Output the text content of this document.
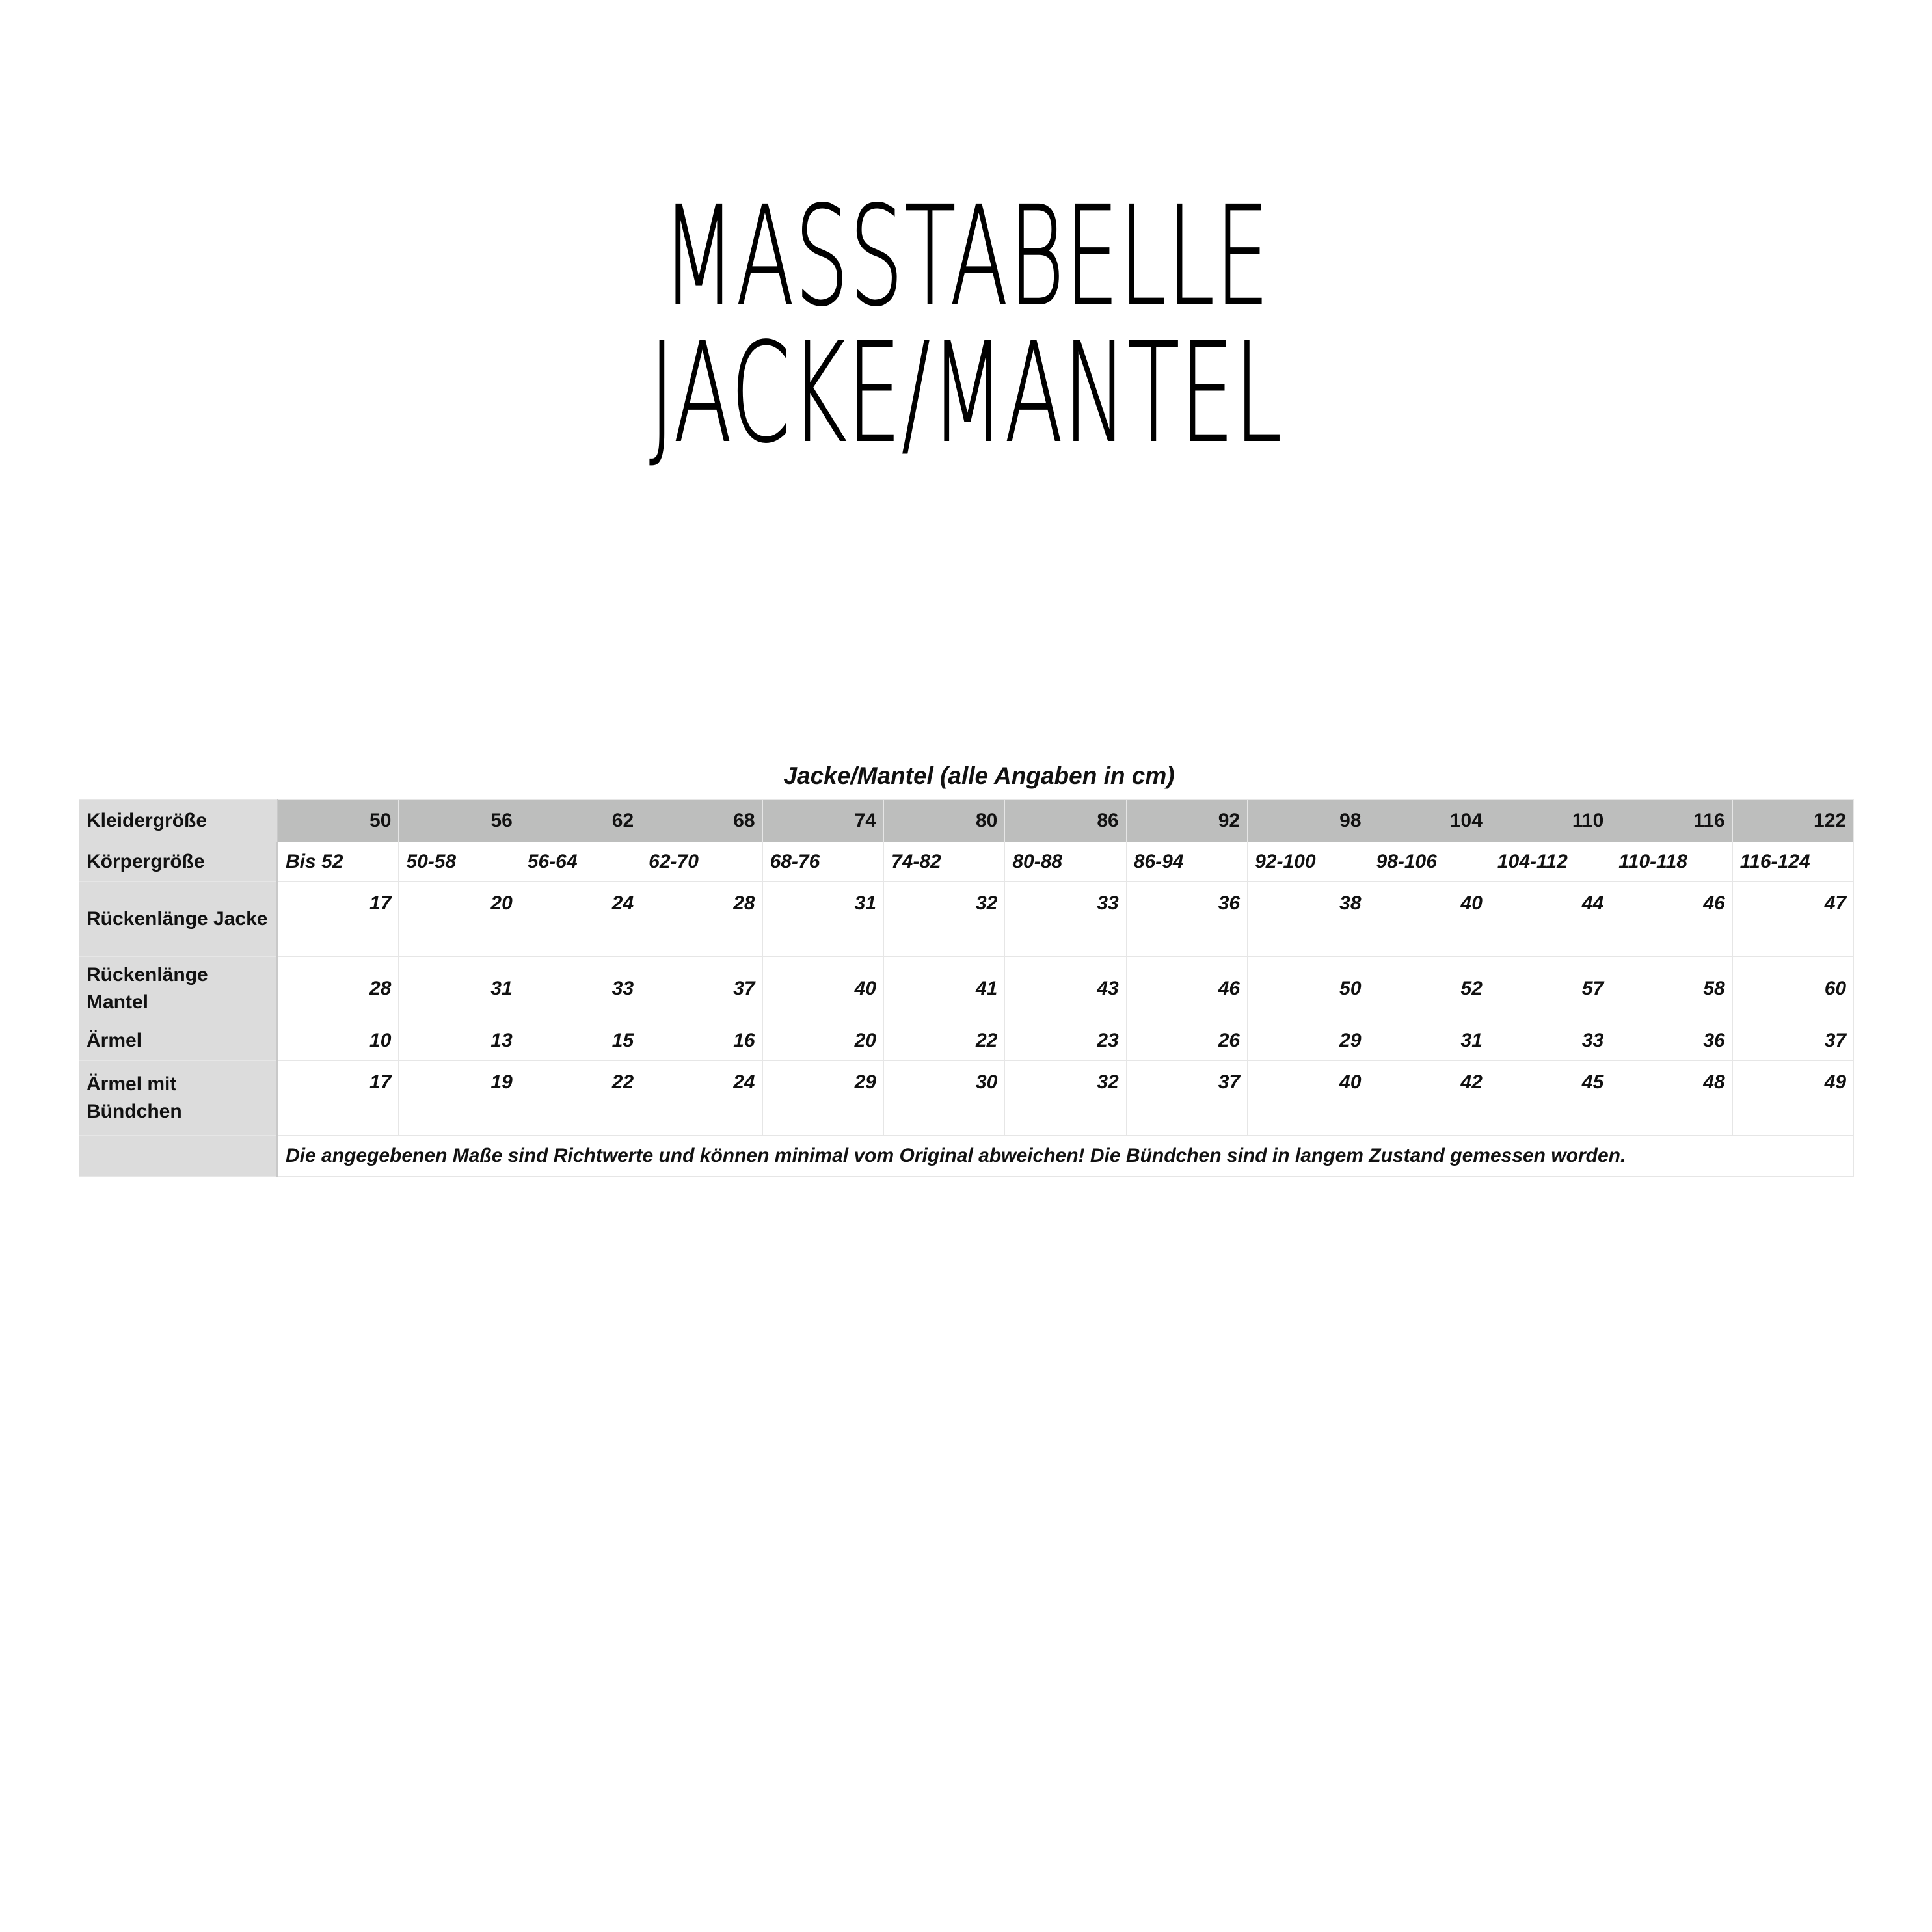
MASSTABELLE JACKE/MANTEL
Jacke/Mantel (alle Angaben in cm)
Kleidergröße	50	56	62	68	74	80	86	92	98	104	110	116	122
Körpergröße	Bis 52	50-58	56-64	62-70	68-76	74-82	80-88	86-94	92-100	98-106	104-112	110-118	116-124
Rückenlänge Jacke	17	20	24	28	31	32	33	36	38	40	44	46	47
Rückenlänge Mantel	28	31	33	37	40	41	43	46	50	52	57	58	60
Ärmel	10	13	15	16	20	22	23	26	29	31	33	36	37
Ärmel mit Bündchen	17	19	22	24	29	30	32	37	40	42	45	48	49
	Die angegebenen Maße sind Richtwerte und können minimal vom Original abweichen! Die Bündchen sind in langem Zustand gemessen worden.												
